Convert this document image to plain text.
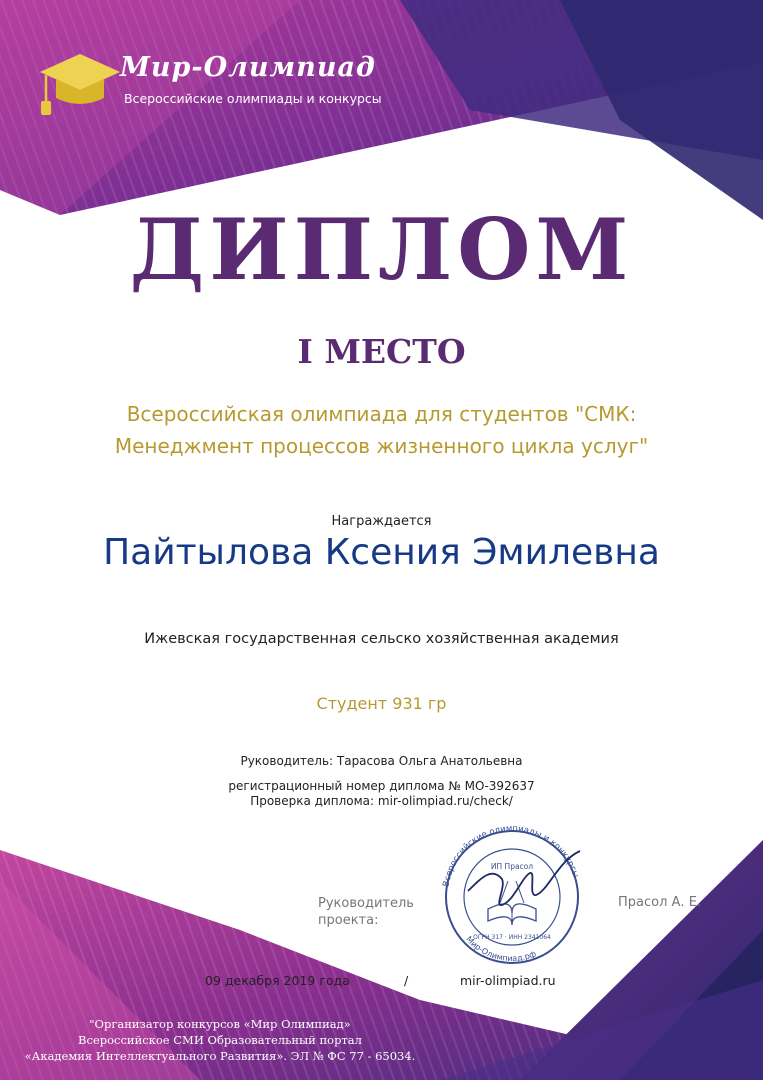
Мир-Олимпиад
Всероссийские олимпиады и конкурсы
ДИПЛОМ
I МЕСТО
Всероссийская олимпиада для студентов "СМК:
Менеджмент процессов жизненного цикла услуг"
Награждается
Пайтылова Ксения Эмилевна
Ижевская государственная сельско хозяйственная академия
Студент 931 гр
Руководитель: Тарасова Ольга Анатольевна
регистрационный номер диплома № МО-392637
Проверка диплома: mir-olimpiad.ru/check/
Руководитель проекта:
Прасол А. Е.
Всероссийские олимпиады и конкурсы
Мир-Олимпиад.рф
ИП Прасол
ОГРН 317 · ИНН 2341064
09 декабря 2019 года	/	mir-olimpiad.ru
"Организатор конкурсов «Мир Олимпиад»
Всероссийское СМИ Образовательный портал
«Академия Интеллектуального Развития». ЭЛ № ФС 77 - 65034.
